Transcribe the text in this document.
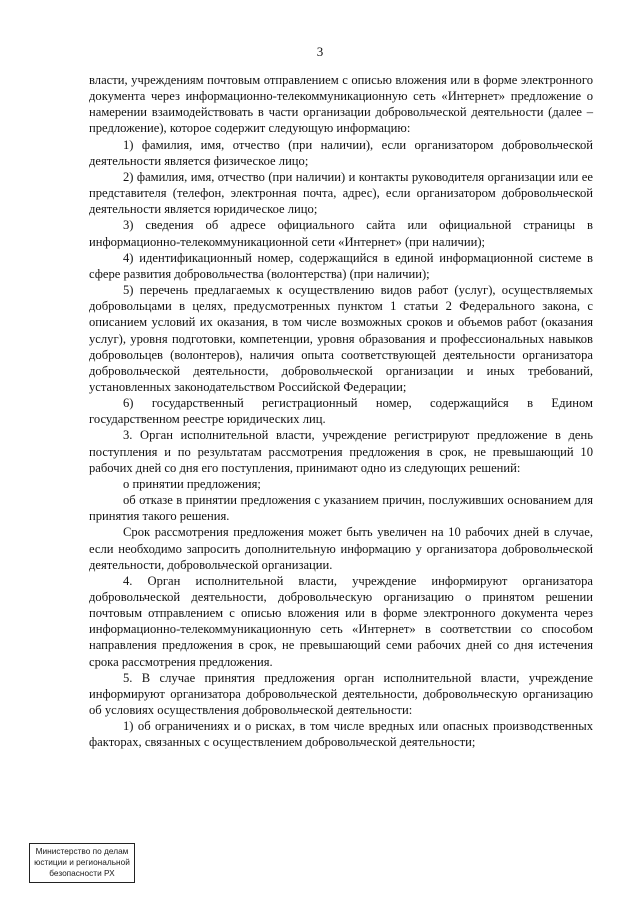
3

власти, учреждениям почтовым отправлением с описью вложения или в форме электронного документа через информационно-телекоммуникационную сеть «Интернет» предложение о намерении взаимодействовать в части организации добровольческой деятельности (далее – предложение), которое содержит следующую информацию:

1) фамилия, имя, отчество (при наличии), если организатором добровольческой деятельности является физическое лицо;

2) фамилия, имя, отчество (при наличии) и контакты руководителя организации или ее представителя (телефон, электронная почта, адрес), если организатором добровольческой деятельности является юридическое лицо;

3) сведения об адресе официального сайта или официальной страницы в информационно-телекоммуникационной сети «Интернет» (при наличии);

4) идентификационный номер, содержащийся в единой информационной системе в сфере развития добровольчества (волонтерства) (при наличии);

5) перечень предлагаемых к осуществлению видов работ (услуг), осуществляемых добровольцами в целях, предусмотренных пунктом 1 статьи 2 Федерального закона, с описанием условий их оказания, в том числе возможных сроков и объемов работ (оказания услуг), уровня подготовки, компетенции, уровня образования и профессиональных навыков добровольцев (волонтеров), наличия опыта соответствующей деятельности организатора добровольческой деятельности, добровольческой организации и иных требований, установленных законодательством Российской Федерации;

6) государственный регистрационный номер, содержащийся в Едином государственном реестре юридических лиц.

3. Орган исполнительной власти, учреждение регистрируют предложение в день поступления и по результатам рассмотрения предложения в срок, не превышающий 10 рабочих дней со дня его поступления, принимают одно из следующих решений:

о принятии предложения;

об отказе в принятии предложения с указанием причин, послуживших основанием для принятия такого решения.

Срок рассмотрения предложения может быть увеличен на 10 рабочих дней в случае, если необходимо запросить дополнительную информацию у организатора добровольческой деятельности, добровольческой организации.

4. Орган исполнительной власти, учреждение информируют организатора добровольческой деятельности, добровольческую организацию о принятом решении почтовым отправлением с описью вложения или в форме электронного документа через информационно-телекоммуникационную сеть «Интернет» в соответствии со способом направления предложения в срок, не превышающий семи рабочих дней со дня истечения срока рассмотрения предложения.

5. В случае принятия предложения орган исполнительной власти, учреждение информируют организатора добровольческой деятельности, добровольческую организацию об условиях осуществления добровольческой деятельности:

1) об ограничениях и о рисках, в том числе вредных или опасных производственных факторах, связанных с осуществлением добровольческой деятельности;

Министерство по делам
юстиции и региональной
безопасности РХ
